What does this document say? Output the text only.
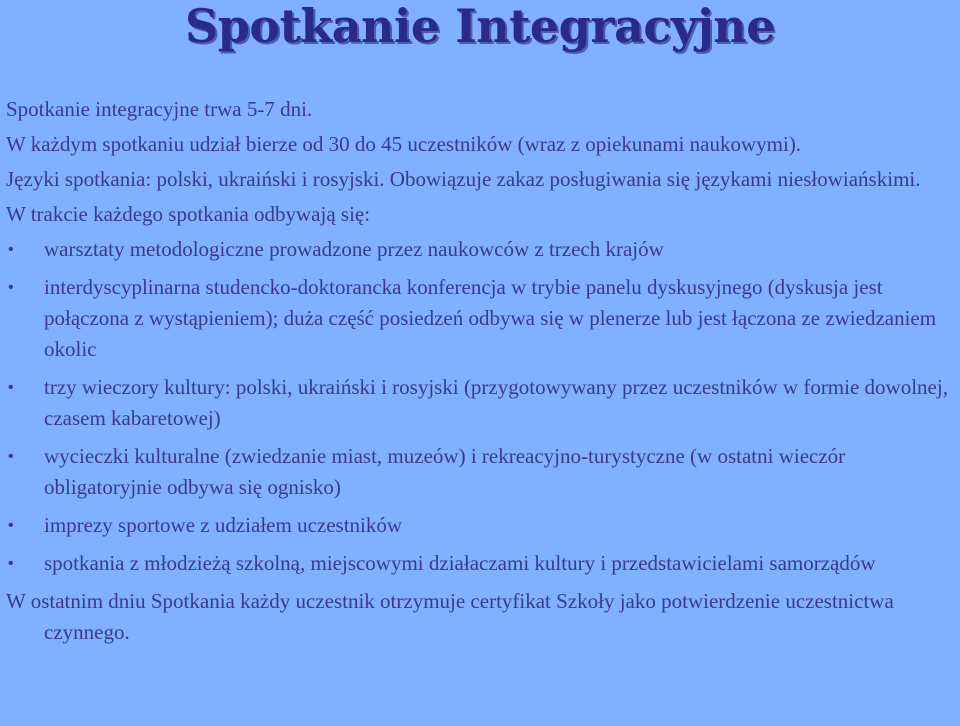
Spotkanie Integracyjne
Spotkanie integracyjne trwa 5-7 dni.
W każdym spotkaniu udział bierze od 30 do 45 uczestników (wraz z opiekunami naukowymi).
Języki spotkania: polski, ukraiński i rosyjski. Obowiązuje zakaz posługiwania się językami niesłowiańskimi.
W trakcie każdego spotkania odbywają się:
•	warsztaty metodologiczne prowadzone przez naukowców z trzech krajów
•	interdyscyplinarna studencko-doktorancka konferencja w trybie panelu dyskusyjnego (dyskusja jest połączona z wystąpieniem); duża część posiedzeń odbywa się w plenerze lub jest łączona ze zwiedzaniem okolic
•	trzy wieczory kultury: polski, ukraiński i rosyjski (przygotowywany przez uczestników w formie dowolnej, czasem kabaretowej)
•	wycieczki kulturalne (zwiedzanie miast, muzeów) i rekreacyjno-turystyczne (w ostatni wieczór obligatoryjnie odbywa się ognisko)
•	imprezy sportowe z udziałem uczestników
•	spotkania z młodzieżą szkolną, miejscowymi działaczami kultury i przedstawicielami samorządów
W ostatnim dniu Spotkania każdy uczestnik otrzymuje certyfikat Szkoły jako potwierdzenie uczestnictwa czynnego.
